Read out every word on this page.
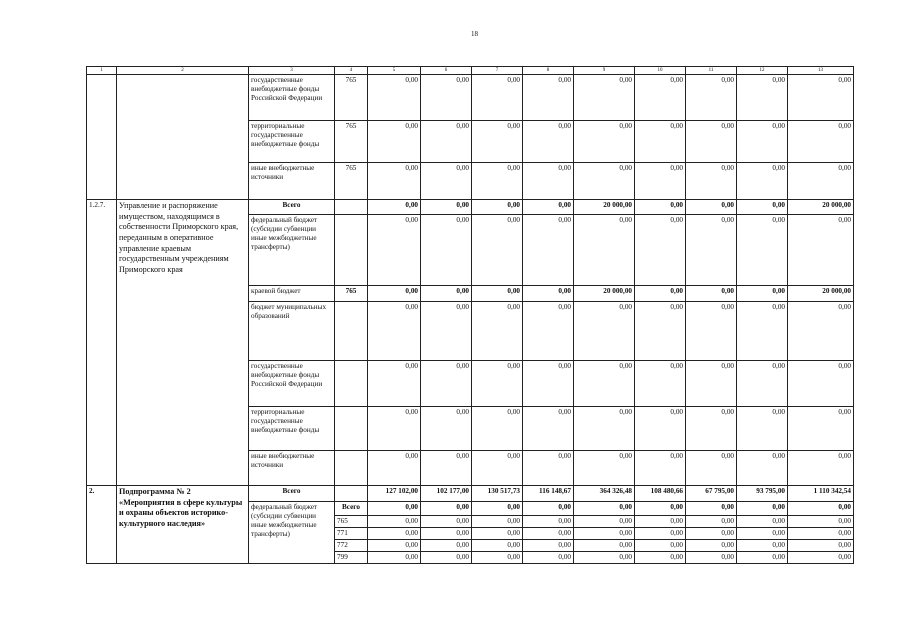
18
1	2	3	4	5	6	7	8	9	10	11	12	13
		государственные внебюджетные фонды Российской Федерации	765	0,00	0,00	0,00	0,00	0,00	0,00	0,00	0,00	0,00
		территориальные государственные внебюджетные фонды	765	0,00	0,00	0,00	0,00	0,00	0,00	0,00	0,00	0,00
		иные внебюджетные источники	765	0,00	0,00	0,00	0,00	0,00	0,00	0,00	0,00	0,00
1.2.7.	Управление и распоряжение имуществом, находящимся в собственности Приморского края, переданным в оперативное управление краевым государственным учреждениям Приморского края	Всего		0,00	0,00	0,00	0,00	20 000,00	0,00	0,00	0,00	20 000,00
		федеральный бюджет (субсидии субвенции иные межбюджетные трансферты)		0,00	0,00	0,00	0,00	0,00	0,00	0,00	0,00	0,00
		краевой бюджет	765	0,00	0,00	0,00	0,00	20 000,00	0,00	0,00	0,00	20 000,00
		бюджет муниципальных образований		0,00	0,00	0,00	0,00	0,00	0,00	0,00	0,00	0,00
		государственные внебюджетные фонды Российской Федерации		0,00	0,00	0,00	0,00	0,00	0,00	0,00	0,00	0,00
		территориальные государственные внебюджетные фонды		0,00	0,00	0,00	0,00	0,00	0,00	0,00	0,00	0,00
		иные внебюджетные источники		0,00	0,00	0,00	0,00	0,00	0,00	0,00	0,00	0,00
2.	Подпрограмма № 2 «Мероприятия в сфере культуры и охраны объектов историко-культурного наследия»	Всего		127 102,00	102 177,00	130 517,73	116 148,67	364 326,48	108 480,66	67 795,00	93 795,00	1 110 342,54
		федеральный бюджет (субсидии субвенции иные межбюджетные трансферты)	Всего	0,00	0,00	0,00	0,00	0,00	0,00	0,00	0,00	0,00
			765	0,00	0,00	0,00	0,00	0,00	0,00	0,00	0,00	0,00
			771	0,00	0,00	0,00	0,00	0,00	0,00	0,00	0,00	0,00
			772	0,00	0,00	0,00	0,00	0,00	0,00	0,00	0,00	0,00
			799	0,00	0,00	0,00	0,00	0,00	0,00	0,00	0,00	0,00
